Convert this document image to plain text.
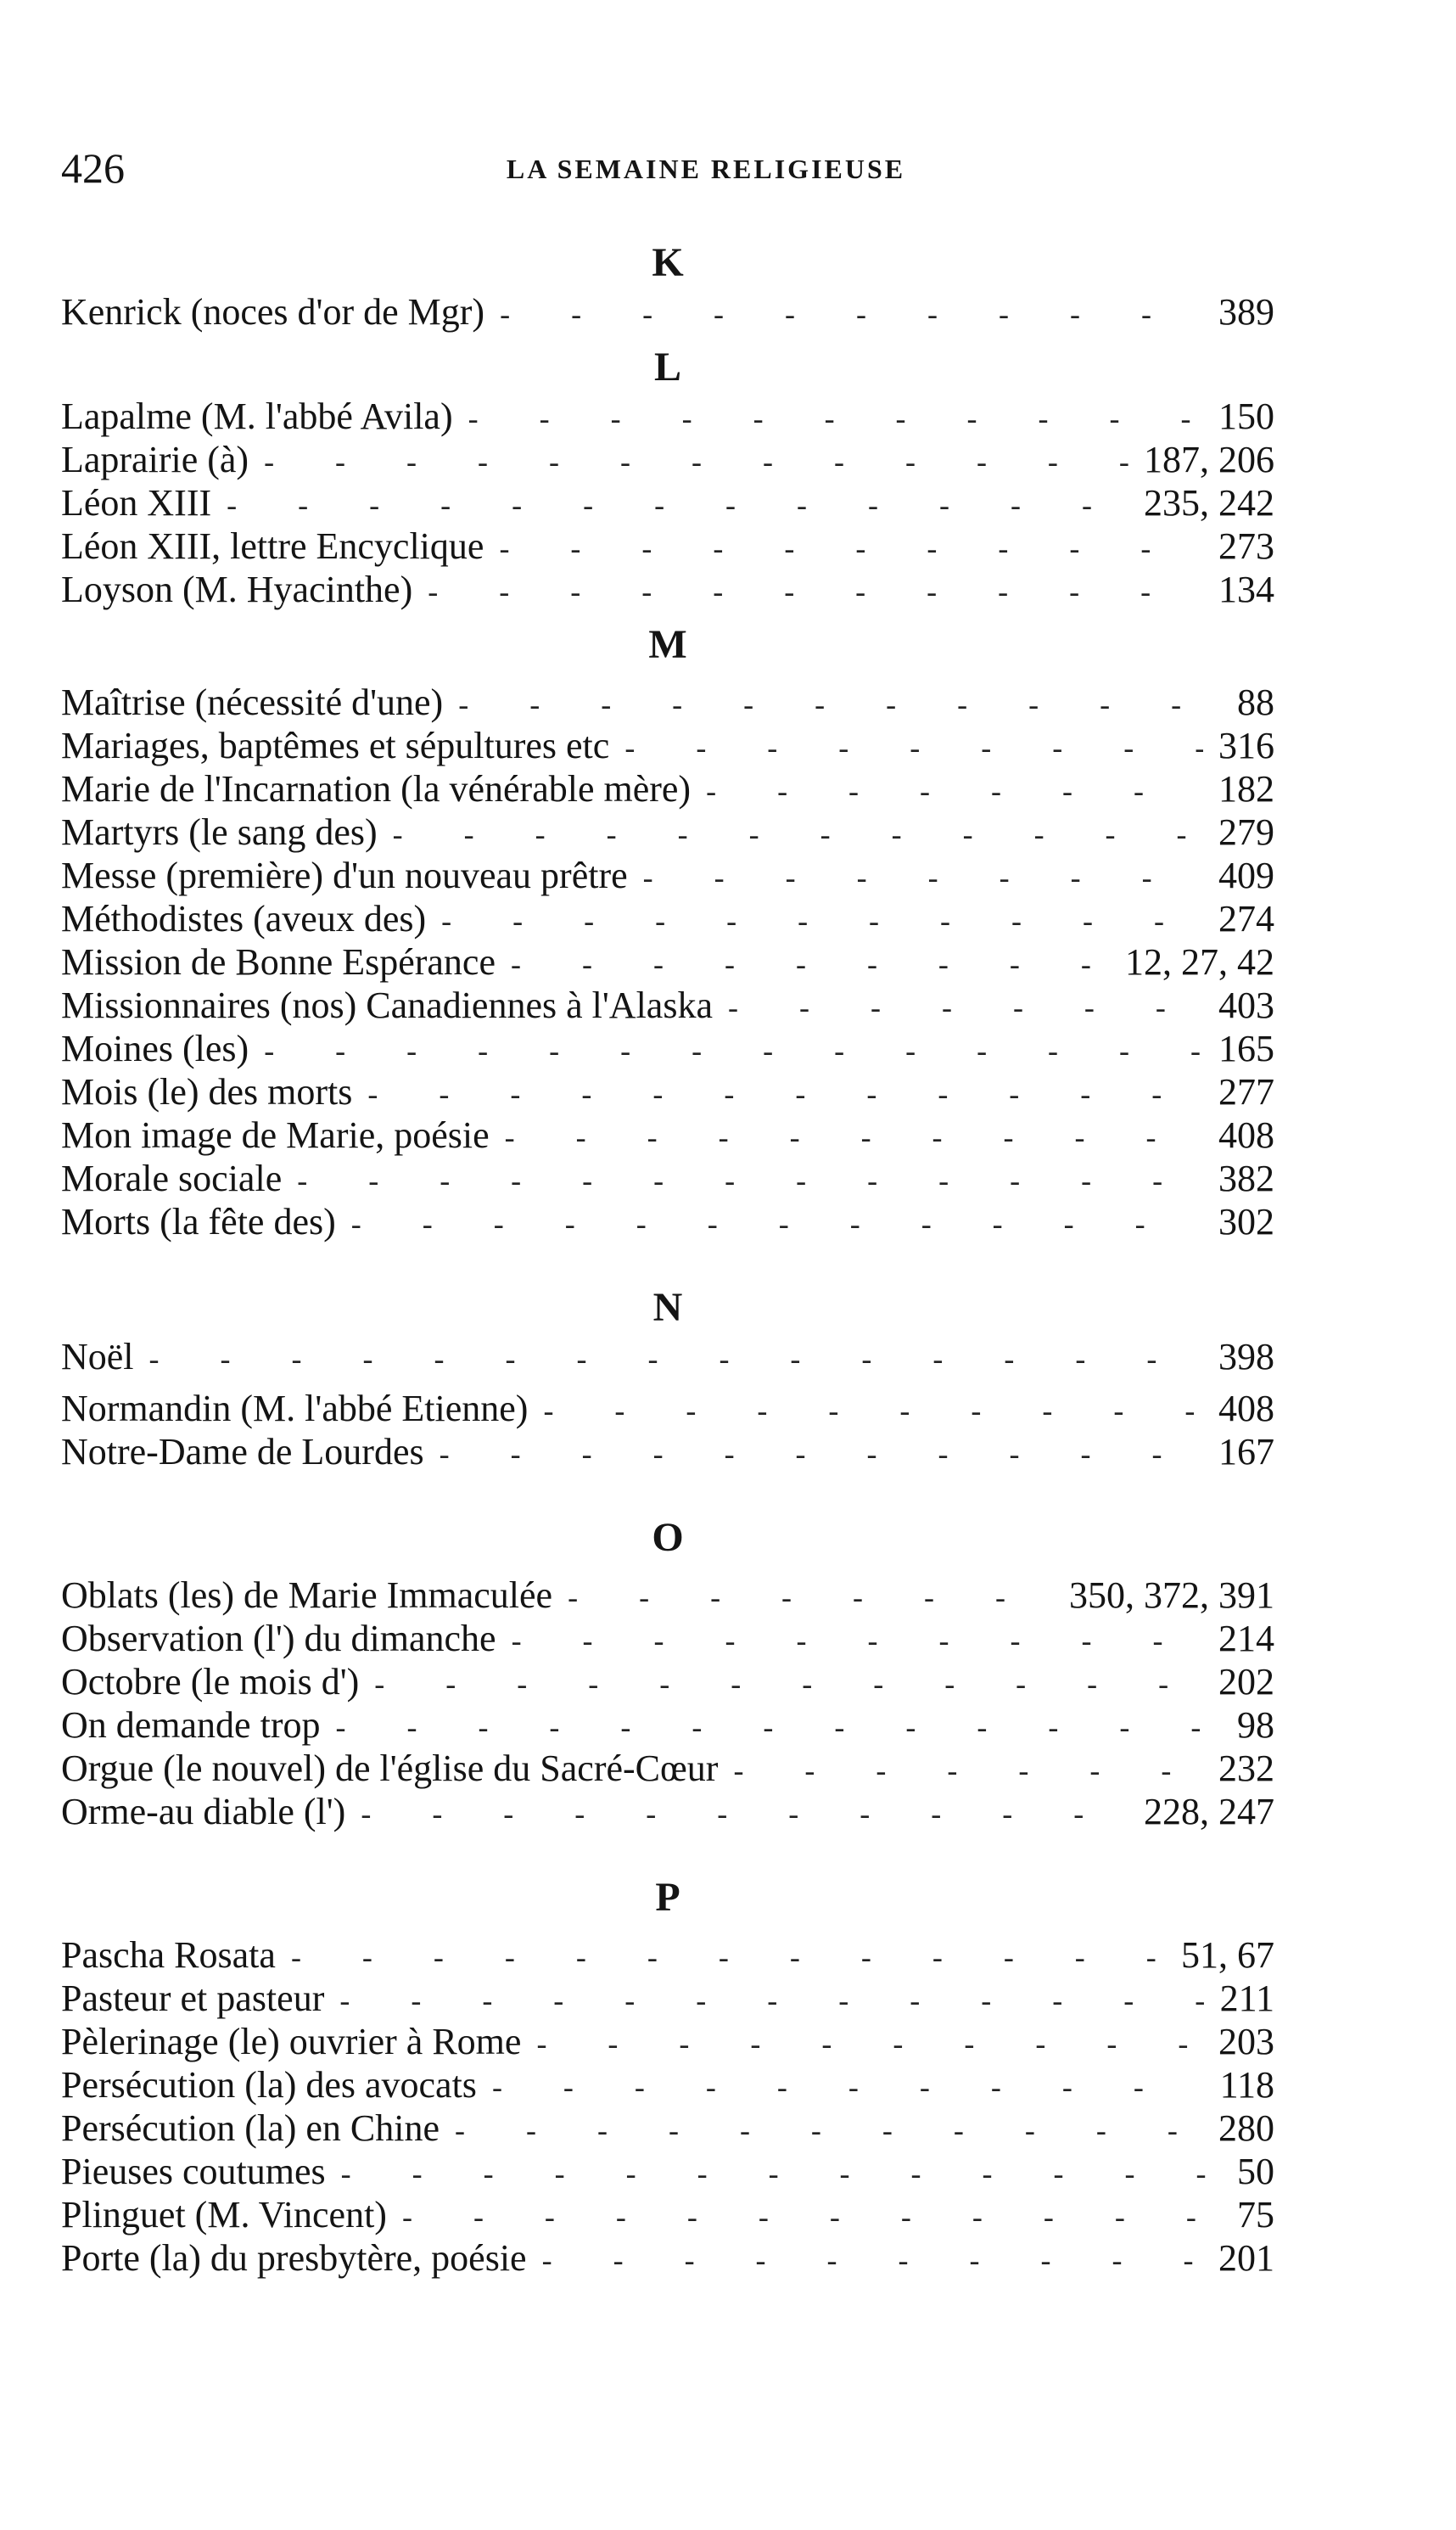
426	LA SEMAINE RELIGIEUSE
K
Kenrick (noces d'or de Mgr) -	389
L
Lapalme (M. l'abbé Avila) -	150
Laprairie (à) -	187, 206
Léon XIII -	235, 242
Léon XIII, lettre Encyclique -	273
Loyson (M. Hyacinthe) -	134
M
Maîtrise (nécessité d'une) -	88
Mariages, baptêmes et sépultures etc -	316
Marie de l'Incarnation (la vénérable mère) -	182
Martyrs (le sang des) -	279
Messe (première) d'un nouveau prêtre -	409
Méthodistes (aveux des) -	274
Mission de Bonne Espérance -	12, 27, 42
Missionnaires (nos) Canadiennes à l'Alaska -	403
Moines (les) -	165
Mois (le) des morts -	277
Mon image de Marie, poésie -	408
Morale sociale -	382
Morts (la fête des) -	302
N
Noël -	398
Normandin (M. l'abbé Etienne) -	408
Notre-Dame de Lourdes -	167
O
Oblats (les) de Marie Immaculée -	350, 372, 391
Observation (l') du dimanche -	214
Octobre (le mois d') -	202
On demande trop -	98
Orgue (le nouvel) de l'église du Sacré-Cœur -	232
Orme-au diable (l') -	228, 247
P
Pascha Rosata -	51, 67
Pasteur et pasteur -	211
Pèlerinage (le) ouvrier à Rome -	203
Persécution (la) des avocats -	118
Persécution (la) en Chine -	280
Pieuses coutumes -	50
Plinguet (M. Vincent) -	75
Porte (la) du presbytère, poésie -	201
